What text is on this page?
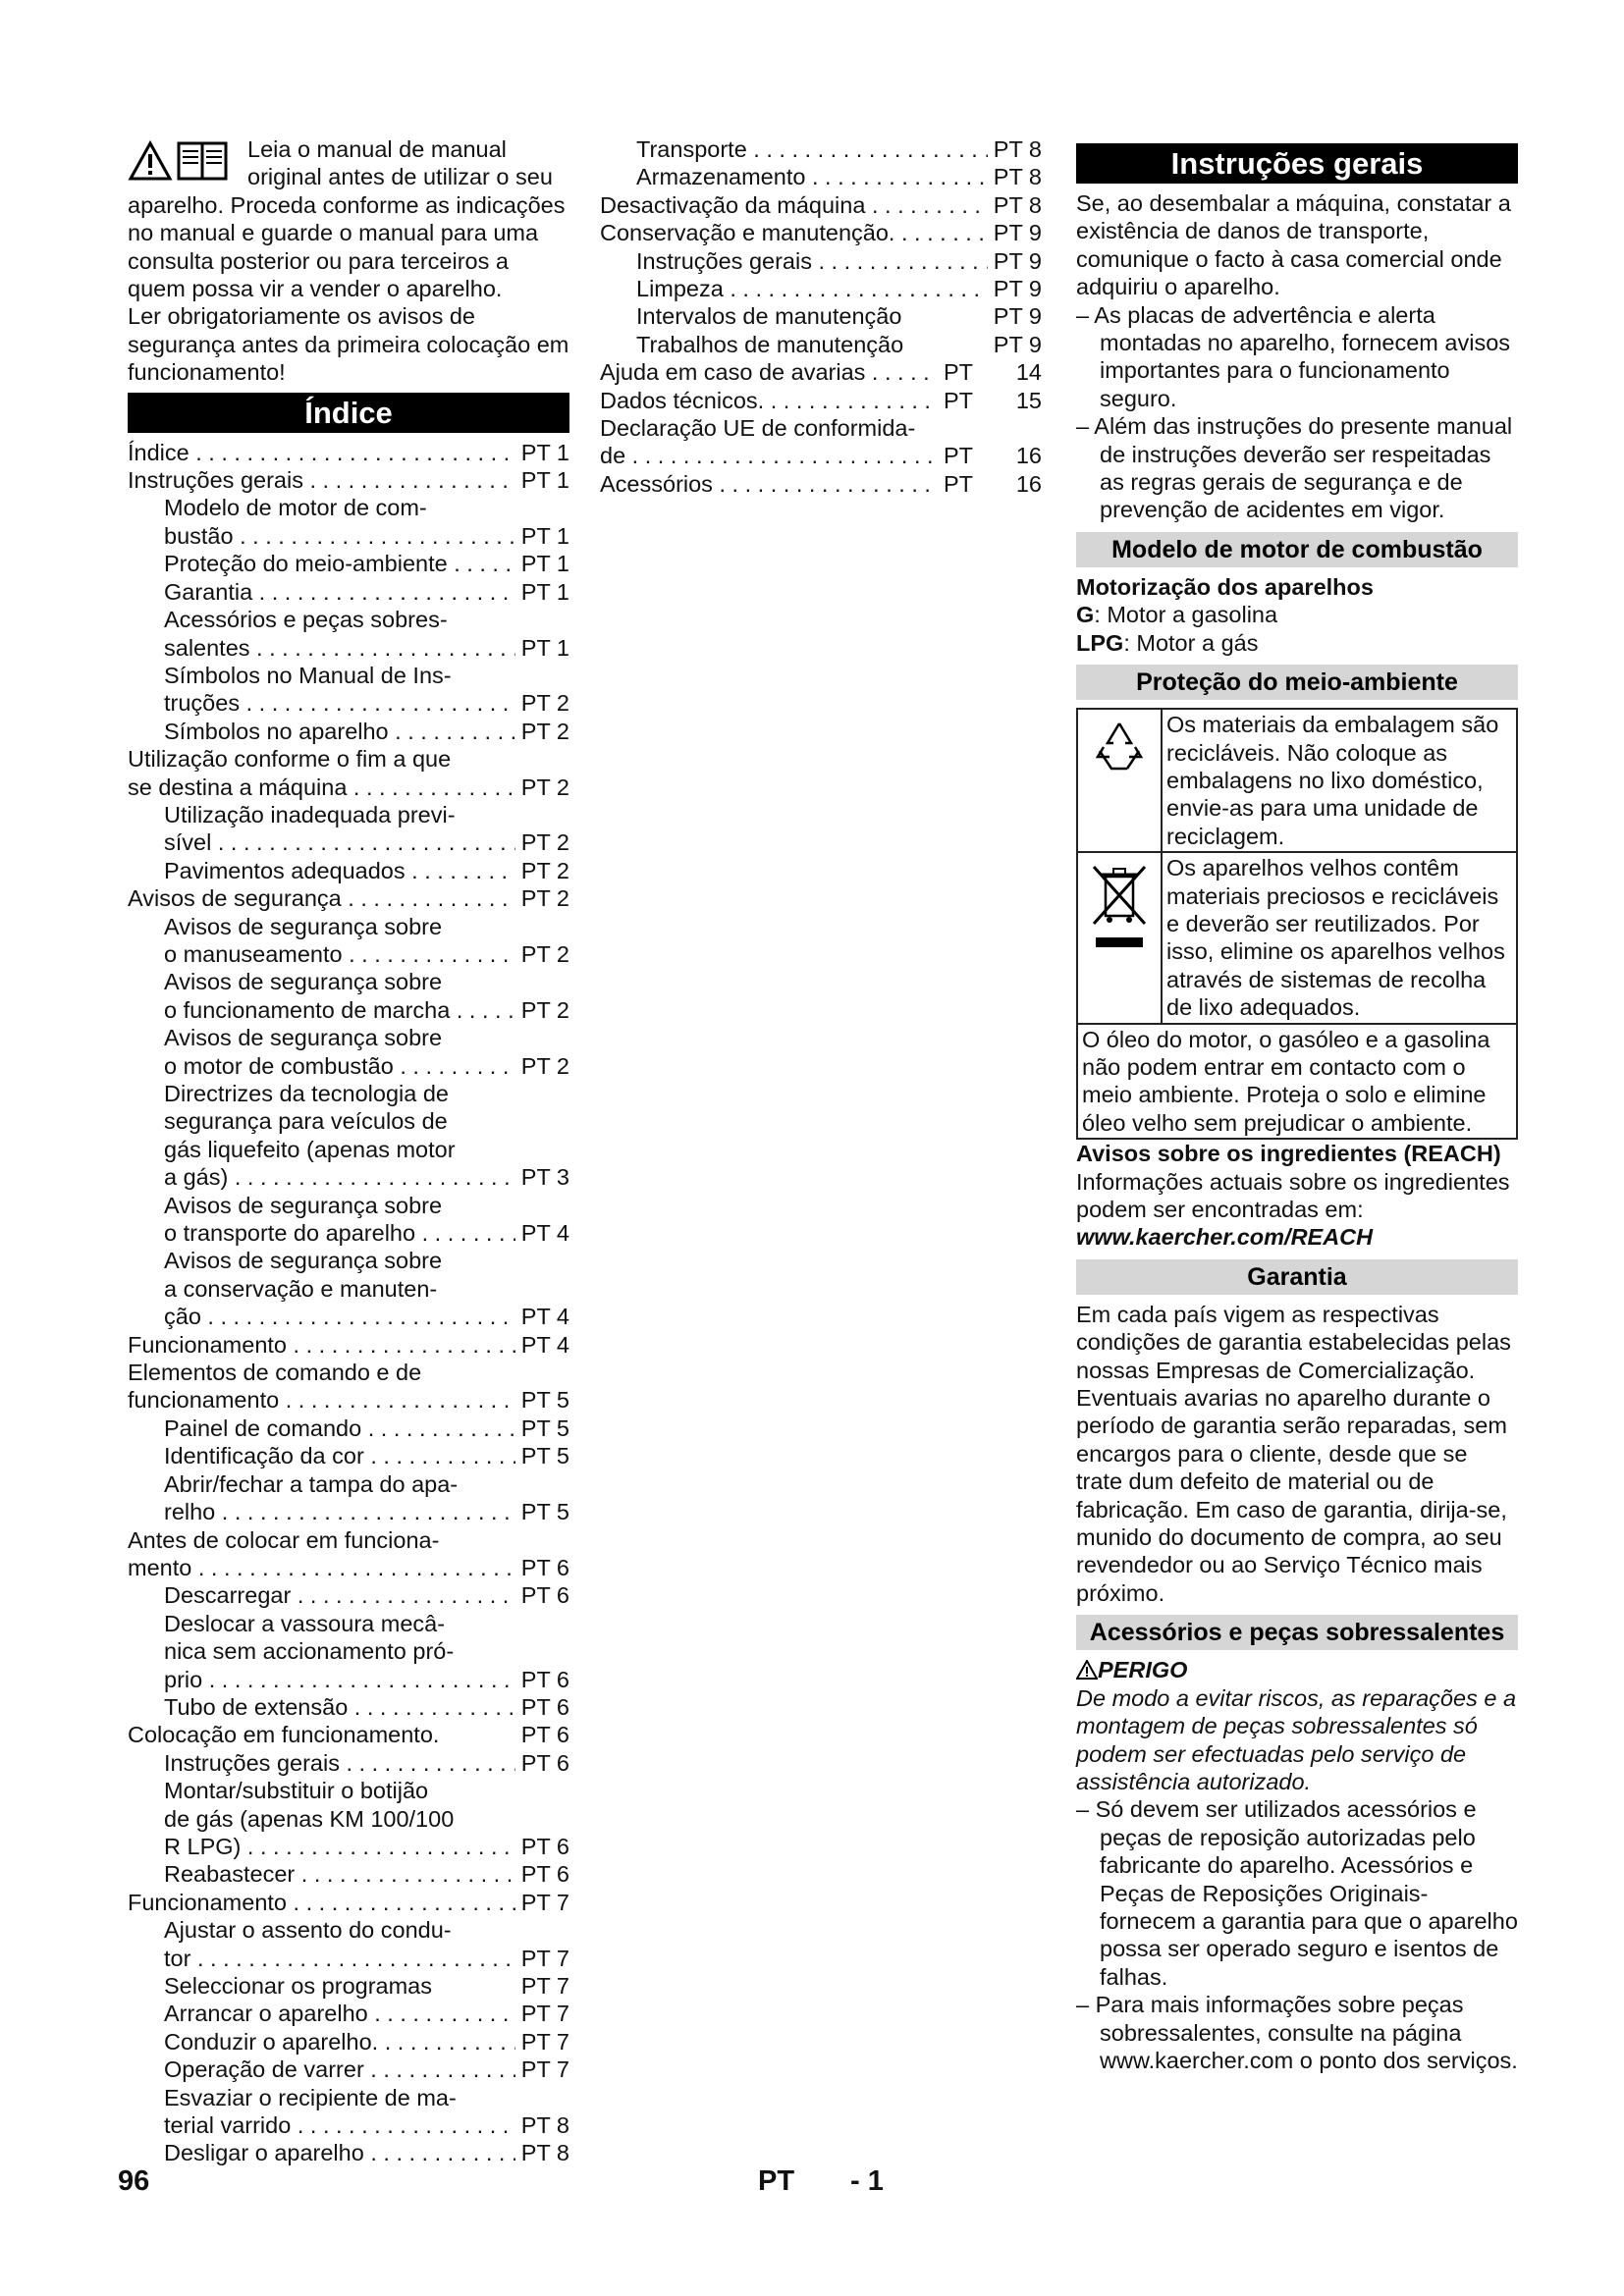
Leia o manual de manual original antes de utilizar o seu aparelho. Proceda conforme as indicações no manual e guarde o manual para uma consulta posterior ou para terceiros a quem possa vir a vender o aparelho.

Ler obrigatoriamente os avisos de segurança antes da primeira colocação em funcionamento!

Índice
Índice . . .	PT 1
Instruções gerais . . .	PT 1
Modelo de motor de com-
bustão . . .	PT 1
Proteção do meio-ambiente . . .	PT 1
Garantia . . .	PT 1
Acessórios e peças sobres-
salentes . . .	PT 1
Símbolos no Manual de Ins-
truções . . .	PT 2
Símbolos no aparelho . . .	PT 2
Utilização conforme o fim a que
se destina a máquina . . .	PT 2
Utilização inadequada previ-
sível . . .	PT 2
Pavimentos adequados . . .	PT 2
Avisos de segurança . . .	PT 2
Avisos de segurança sobre
o manuseamento . . .	PT 2
Avisos de segurança sobre
o funcionamento de marcha . . .	PT 2
Avisos de segurança sobre
o motor de combustão . . .	PT 2
Directrizes da tecnologia de
segurança para veículos de
gás liquefeito (apenas motor
a gás) . . .	PT 3
Avisos de segurança sobre
o transporte do aparelho . . .	PT 4
Avisos de segurança sobre
a conservação e manuten-
ção . . .	PT 4
Funcionamento . . .	PT 4
Elementos de comando e de
funcionamento . . .	PT 5
Painel de comando . . .	PT 5
Identificação da cor . . .	PT 5
Abrir/fechar a tampa do apa-
relho . . .	PT 5
Antes de colocar em funciona-
mento . . .	PT 6
Descarregar . . .	PT 6
Deslocar a vassoura mecâ-
nica sem accionamento pró-
prio . . .	PT 6
Tubo de extensão . . .	PT 6
Colocação em funcionamento.	PT 6
Instruções gerais . . .	PT 6
Montar/substituir o botijão
de gás (apenas KM 100/100
R LPG) . . .	PT 6
Reabastecer . . .	PT 6
Funcionamento . . .	PT 7
Ajustar o assento do condu-
tor . . .	PT 7
Seleccionar os programas	PT 7
Arrancar o aparelho . . .	PT 7
Conduzir o aparelho. . . .	PT 7
Operação de varrer . . .	PT 7
Esvaziar o recipiente de ma-
terial varrido . . .	PT 8
Desligar o aparelho . . .	PT 8
Transporte . . .	PT 8
Armazenamento . . .	PT 8
Desactivação da máquina . . .	PT 8
Conservação e manutenção. . . .	PT 9
Instruções gerais . . .	PT 9
Limpeza . . .	PT 9
Intervalos de manutenção	PT 9
Trabalhos de manutenção	PT 9
Ajuda em caso de avarias . . .	PT	14
Dados técnicos. . . .	PT	15
Declaração UE de conformida-
de . . .	PT	16
Acessórios . . .	PT	16
Instruções gerais

Se, ao desembalar a máquina, constatar a existência de danos de transporte, comunique o facto à casa comercial onde adquiriu o aparelho.

– As placas de advertência e alerta montadas no aparelho, fornecem avisos importantes para o funcionamento seguro.

– Além das instruções do presente manual de instruções deverão ser respeitadas as regras gerais de segurança e de prevenção de acidentes em vigor.

Modelo de motor de combustão
Motorização dos aparelhos
G: Motor a gasolina
LPG: Motor a gás
Proteção do meio-ambiente
Os materiais da embalagem são recicláveis. Não coloque as embalagens no lixo doméstico, envie-as para uma unidade de reciclagem.
Os aparelhos velhos contêm materiais preciosos e recicláveis e deverão ser reutilizados. Por isso, elimine os aparelhos velhos através de sistemas de recolha de lixo adequados.
O óleo do motor, o gasóleo e a gasolina não podem entrar em contacto com o meio ambiente. Proteja o solo e elimine óleo velho sem prejudicar o ambiente.
Avisos sobre os ingredientes (REACH)
Informações actuais sobre os ingredientes podem ser encontradas em:
www.kaercher.com/REACH
Garantia

Em cada país vigem as respectivas condições de garantia estabelecidas pelas nossas Empresas de Comercialização. Eventuais avarias no aparelho durante o período de garantia serão reparadas, sem encargos para o cliente, desde que se trate dum defeito de material ou de fabricação. Em caso de garantia, dirija-se, munido do documento de compra, ao seu revendedor ou ao Serviço Técnico mais próximo.

Acessórios e peças sobressalentes
PERIGO

De modo a evitar riscos, as reparações e a montagem de peças sobressalentes só podem ser efectuadas pelo serviço de assistência autorizado.

– Só devem ser utilizados acessórios e peças de reposição autorizadas pelo fabricante do aparelho. Acessórios e Peças de Reposições Originais-fornecem a garantia para que o aparelho possa ser operado seguro e isentos de falhas.

– Para mais informações sobre peças sobressalentes, consulte na página www.kaercher.com o ponto dos serviços.

96	PT - 1
